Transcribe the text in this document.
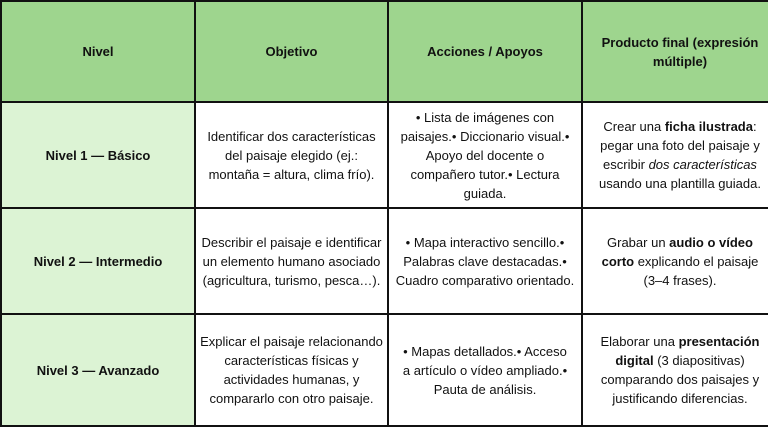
Nivel	Objetivo	Acciones / Apoyos	Producto final (expresión múltiple)
Nivel 1 — Básico	Identificar dos características del paisaje elegido (ej.: montaña = altura, clima frío).	• Lista de imágenes con paisajes.• Diccionario visual.• Apoyo del docente o compañero tutor.• Lectura guiada.	Crear una ficha ilustrada: pegar una foto del paisaje y escribir dos características usando una plantilla guiada.
Nivel 2 — Intermedio	Describir el paisaje e identificar un elemento humano asociado (agricultura, turismo, pesca…).	• Mapa interactivo sencillo.• Palabras clave destacadas.• Cuadro comparativo orientado.	Grabar un audio o vídeo corto explicando el paisaje (3–4 frases).
Nivel 3 — Avanzado	Explicar el paisaje relacionando características físicas y actividades humanas, y compararlo con otro paisaje.	• Mapas detallados.• Acceso a artículo o vídeo ampliado.• Pauta de análisis.	Elaborar una presentación digital (3 diapositivas) comparando dos paisajes y justificando diferencias.
